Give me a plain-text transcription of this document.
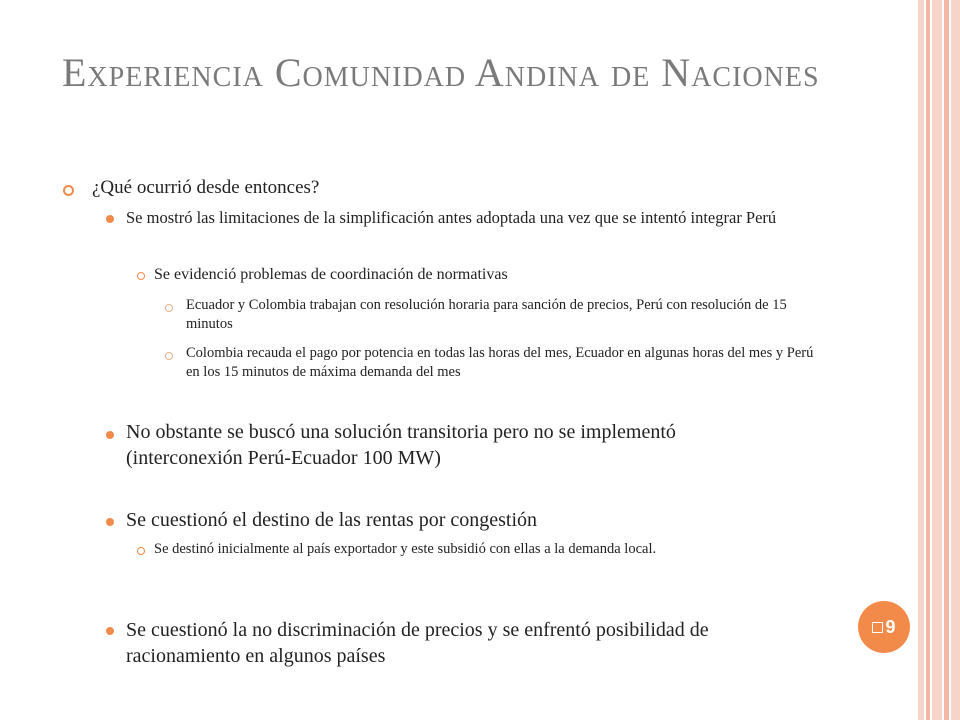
Experiencia Comunidad Andina de Naciones
¿Qué ocurrió desde entonces?
Se mostró las limitaciones de la simplificación antes adoptada una vez que se intentó integrar Perú
Se evidenció problemas de coordinación de normativas
Ecuador y Colombia trabajan con resolución horaria para sanción de precios, Perú con resolución de 15 minutos
Colombia recauda el pago por potencia en todas las horas del mes, Ecuador en algunas horas del mes y Perú en los 15 minutos de máxima demanda del mes
No obstante se buscó una solución transitoria pero no se implementó (interconexión Perú-Ecuador 100 MW)
Se cuestionó el destino de las rentas por congestión
Se destinó inicialmente al país exportador y este subsidió con ellas a la demanda local.
Se cuestionó la no discriminación de precios y se enfrentó posibilidad de racionamiento en algunos países
9
